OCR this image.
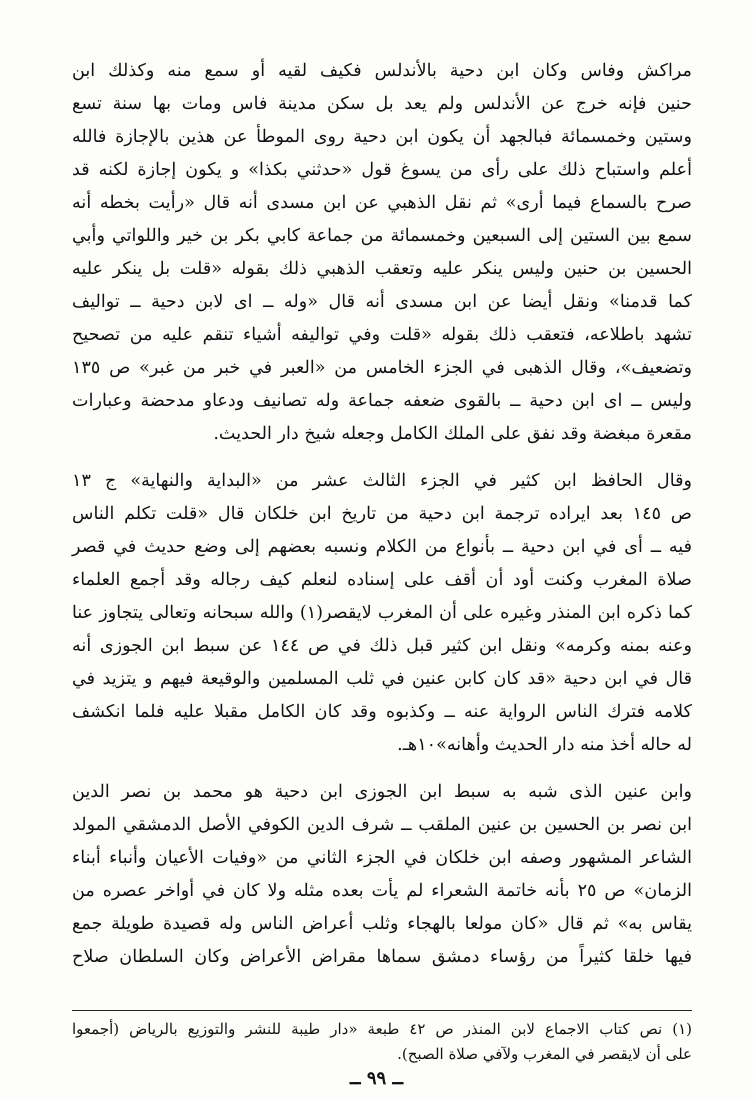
مراكش وفاس وكان ابن دحية بالأندلس فكيف لقيه أو سمع منه وكذلك ابن
حنين فإنه خرج عن الأندلس ولم يعد بل سكن مدينة فاس ومات بها سنة تسع
وستين وخمسمائة فبالجهد أن يكون ابن دحية روى الموطأ عن هذين بالإجازة فالله
أعلم واستباح ذلك على رأى من يسوغ قول «حدثني بكذا» و يكون إجازة لكنه قد
صرح بالسماع فيما أرى» ثم نقل الذهبي عن ابن مسدى أنه قال «رأيت بخطه أنه
سمع بين الستين إلى السبعين وخمسمائة من جماعة كابي بكر بن خير واللواتي وأبي
الحسين بن حنين وليس ينكر عليه وتعقب الذهبي ذلك بقوله «قلت بل ينكر عليه
كما قدمنا» ونقل أيضا عن ابن مسدى أنه قال «وله ــ اى لابن دحية ــ تواليف
تشهد باطلاعه، فتعقب ذلك بقوله «قلت وفي تواليفه أشياء تنقم عليه من تصحيح
وتضعيف»، وقال الذهبى في الجزء الخامس من «العبر في خبر من غبر» ص ١٣٥
وليس ــ اى ابن دحية ــ بالقوى ضعفه جماعة وله تصانيف ودعاو مدحضة وعبارات
مقعرة مبغضة وقد نفق على الملك الكامل وجعله شيخ دار الحديث.
وقال الحافظ ابن كثير في الجزء الثالث عشر من «البداية والنهاية» ج ١٣
ص ١٤٥ بعد ايراده ترجمة ابن دحية من تاريخ ابن خلكان قال «قلت تكلم الناس
فيه ــ أى في ابن دحية ــ بأنواع من الكلام ونسبه بعضهم إلى وضع حديث في قصر
صلاة المغرب وكنت أود أن أقف على إسناده لنعلم كيف رجاله وقد أجمع العلماء
كما ذكره ابن المنذر وغيره على أن المغرب لايقصر(١) والله سبحانه وتعالى يتجاوز عنا
وعنه بمنه وكرمه» ونقل ابن كثير قبل ذلك في ص ١٤٤ عن سبط ابن الجوزى أنه
قال في ابن دحية «قد كان كابن عنين في ثلب المسلمين والوقيعة فيهم و يتزيد في
كلامه فترك الناس الرواية عنه ــ وكذبوه وقد كان الكامل مقبلا عليه فلما انكشف
له حاله أخذ منه دار الحديث وأهانه»١٠هـ.
وابن عنين الذى شبه به سبط ابن الجوزى ابن دحية هو محمد بن نصر الدين
ابن نصر بن الحسين بن عنين الملقب ــ شرف الدين الكوفي الأصل الدمشقي المولد
الشاعر المشهور وصفه ابن خلكان في الجزء الثاني من «وفيات الأعيان وأنباء أبناء
الزمان» ص ٢٥ بأنه خاتمة الشعراء لم يأت بعده مثله ولا كان في أواخر عصره من
يقاس به» ثم قال «كان مولعا بالهجاء وثلب أعراض الناس وله قصيدة طويلة جمع
فيها خلقا كثيراً من رؤساء دمشق سماها مقراض الأعراض وكان السلطان صلاح
(١) نص كتاب الاجماع لابن المنذر ص ٤٢ طبعة «دار طيبة للنشر والتوزيع بالرياض (أجمعوا
على أن لايقصر في المغرب ولآفي صلاة الصبح).
ــ ٩٩ ــ
